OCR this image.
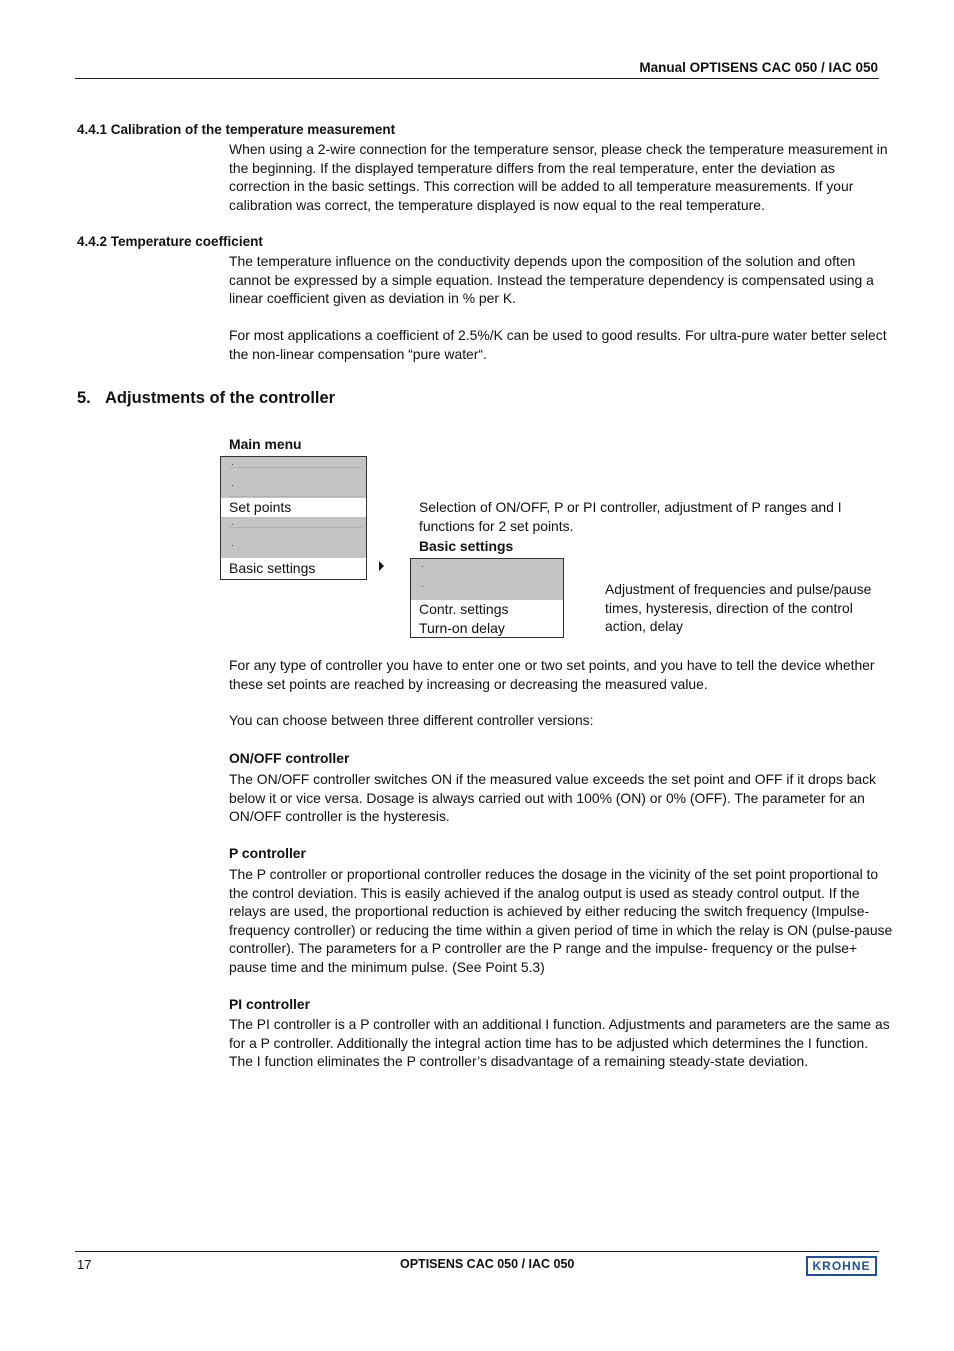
Manual OPTISENS CAC 050 / IAC 050
4.4.1 Calibration of the temperature measurement
When using a 2-wire connection for the temperature sensor, please check the temperature measurement in
the beginning. If the displayed temperature differs from the real temperature, enter the deviation as
correction in the basic settings. This correction will be added to all temperature measurements. If your
calibration was correct, the temperature displayed is now equal to the real temperature.
4.4.2 Temperature coefficient
The temperature influence on the conductivity depends upon the composition of the solution and often
cannot be expressed by a simple equation. Instead the temperature dependency is compensated using a
linear coefficient given as deviation in % per K.
For most applications a coefficient of 2.5%/K can be used to good results. For ultra-pure water better select
the non-linear compensation “pure water“.
5. Adjustments of the controller
Main menu
·
·
Set points
·
·
Basic settings
Selection of ON/OFF, P or PI controller, adjustment of P ranges and I
functions for 2 set points.
Basic settings
·
·
Contr. settings
Turn-on delay
Adjustment of frequencies and pulse/pause
times, hysteresis, direction of the control
action, delay
For any type of controller you have to enter one or two set points, and you have to tell the device whether
these set points are reached by increasing or decreasing the measured value.
You can choose between three different controller versions:
ON/OFF controller
The ON/OFF controller switches ON if the measured value exceeds the set point and OFF if it drops back
below it or vice versa. Dosage is always carried out with 100% (ON) or 0% (OFF). The parameter for an
ON/OFF controller is the hysteresis.
P controller
The P controller or proportional controller reduces the dosage in the vicinity of the set point proportional to
the control deviation. This is easily achieved if the analog output is used as steady control output. If the
relays are used, the proportional reduction is achieved by either reducing the switch frequency (Impulse-
frequency controller) or reducing the time within a given period of time in which the relay is ON (pulse-pause
controller). The parameters for a P controller are the P range and the impulse- frequency or the pulse+
pause time and the minimum pulse. (See Point 5.3)
PI controller
The PI controller is a P controller with an additional I function. Adjustments and parameters are the same as
for a P controller. Additionally the integral action time has to be adjusted which determines the I function.
The I function eliminates the P controller’s disadvantage of a remaining steady-state deviation.
17	OPTISENS CAC 050 / IAC 050	KROHNE
